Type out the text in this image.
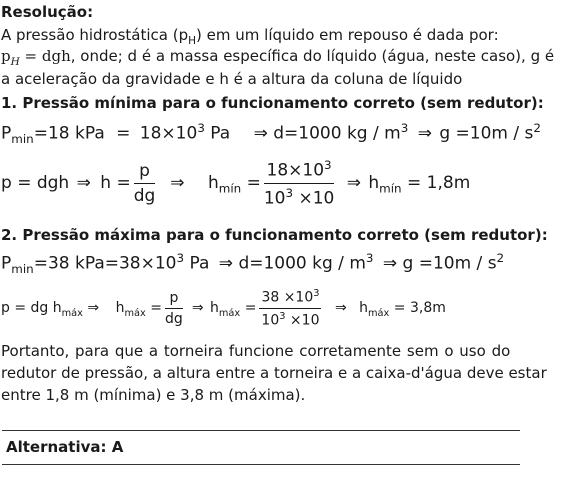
Resolução:
A pressão hidrostática $(p_H)$ em um líquido em repouso é dada por:
$p_H$ = dgh, onde; d é a massa específica do líquido (água, neste caso), g é
a aceleração da gravidade e h é a altura da coluna de líquido
1. Pressão mínima para o funcionamento correto (sem redutor):
$P_{min}=18$ kPa = $18\times 10^3$ Pa ⇒ d=1000 kg / $m^3$ ⇒ $g =10m / s^2$
p = dgh ⇒ $h = \frac{p}{dg}$ ⇒ $h_{mín} = \frac{18\times 10^3}{10^3 \times 10}$ ⇒ $h_{mín} = 1,8m$
2. Pressão máxima para o funcionamento correto (sem redutor):
$P_{min}=38$ $kPa=38\times 10^3$ Pa ⇒ d=1000 kg / $m^3$ ⇒ $g =10m / s^2$
p = dg $h_{máx}$ ⇒ $h_{máx} = \frac{p}{dg}$ ⇒ $h_{máx} = \frac{38 \times 10^3}{10^3 \times 10}$ ⇒ $h_{máx} = 3,8m$
Portanto, para que a torneira funcione corretamente sem o uso do
redutor de pressão, a altura entre a torneira e a caixa-d'água deve estar
entre 1,8 m (mínima) e 3,8 m (máxima).
Alternativa: A
